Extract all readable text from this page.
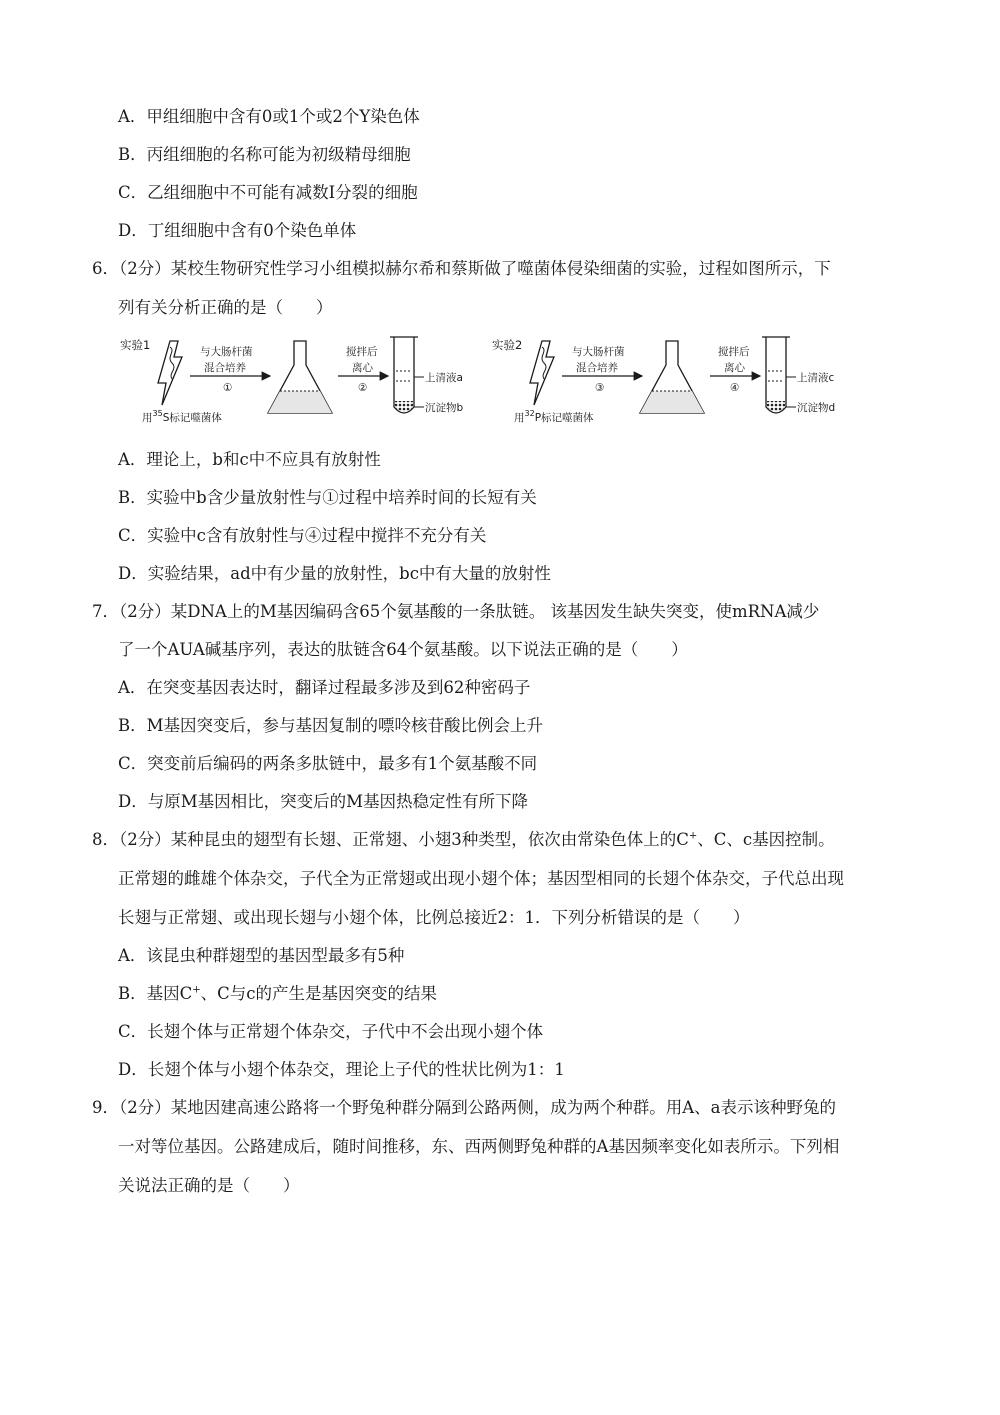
A．甲组细胞中含有0或1个或2个Y染色体
B．丙组细胞的名称可能为初级精母细胞
C．乙组细胞中不可能有减数Ⅰ分裂的细胞
D．丁组细胞中含有0个染色单体
6．（2分）某校生物研究性学习小组模拟赫尔希和蔡斯做了噬菌体侵染细菌的实验，过程如图所示，下
列有关分析正确的是（　　）
实验1
用$^{35}$S标记噬菌体
与大肠杆菌
混合培养
①
搅拌后
离心
②
上清液a
沉淀物b
实验2
用$^{32}$P标记噬菌体
与大肠杆菌
混合培养
③
搅拌后
离心
④
上清液c
沉淀物d
A．理论上，b和c中不应具有放射性
B．实验中b含少量放射性与①过程中培养时间的长短有关
C．实验中c含有放射性与④过程中搅拌不充分有关
D．实验结果，ad中有少量的放射性，bc中有大量的放射性
7．（2分）某DNA上的M基因编码含65个氨基酸的一条肽链。 该基因发生缺失突变，使mRNA减少
了一个AUA碱基序列，表达的肽链含64个氨基酸。以下说法正确的是（　　）
A．在突变基因表达时，翻译过程最多涉及到62种密码子
B．M基因突变后，参与基因复制的嘌呤核苷酸比例会上升
C．突变前后编码的两条多肽链中，最多有1个氨基酸不同
D．与原M基因相比，突变后的M基因热稳定性有所下降
8．（2分）某种昆虫的翅型有长翅、正常翅、小翅3种类型，依次由常染色体上的C+、C、c基因控制。
正常翅的雌雄个体杂交，子代全为正常翅或出现小翅个体；基因型相同的长翅个体杂交，子代总出现
长翅与正常翅、或出现长翅与小翅个体，比例总接近2：1．下列分析错误的是（　　）
A．该昆虫种群翅型的基因型最多有5种
B．基因C+、C与c的产生是基因突变的结果
C．长翅个体与正常翅个体杂交，子代中不会出现小翅个体
D．长翅个体与小翅个体杂交，理论上子代的性状比例为1：1
9．（2分）某地因建高速公路将一个野兔种群分隔到公路两侧，成为两个种群。用A、a表示该种野兔的
一对等位基因。公路建成后，随时间推移，东、西两侧野兔种群的A基因频率变化如表所示。下列相
关说法正确的是（　　）
